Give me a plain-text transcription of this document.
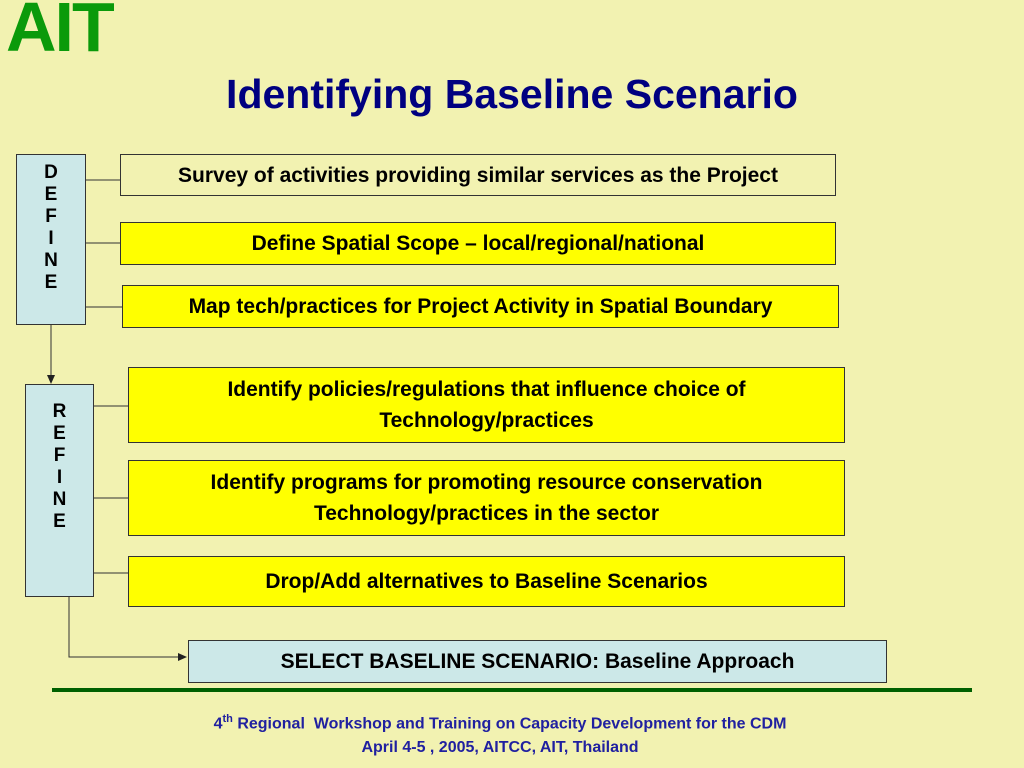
AIT
Identifying Baseline Scenario
D
E
F
I
N
E
Survey of activities providing similar services as the Project
Define Spatial Scope – local/regional/national
Map tech/practices for Project Activity in Spatial Boundary
R
E
F
I
N
E
Identify policies/regulations that influence choice of
Technology/practices
Identify programs for promoting resource conservation
Technology/practices in the sector
Drop/Add alternatives to Baseline Scenarios
SELECT BASELINE SCENARIO: Baseline Approach
4th Regional  Workshop and Training on Capacity Development for the CDM
April 4-5 , 2005, AITCC, AIT, Thailand
